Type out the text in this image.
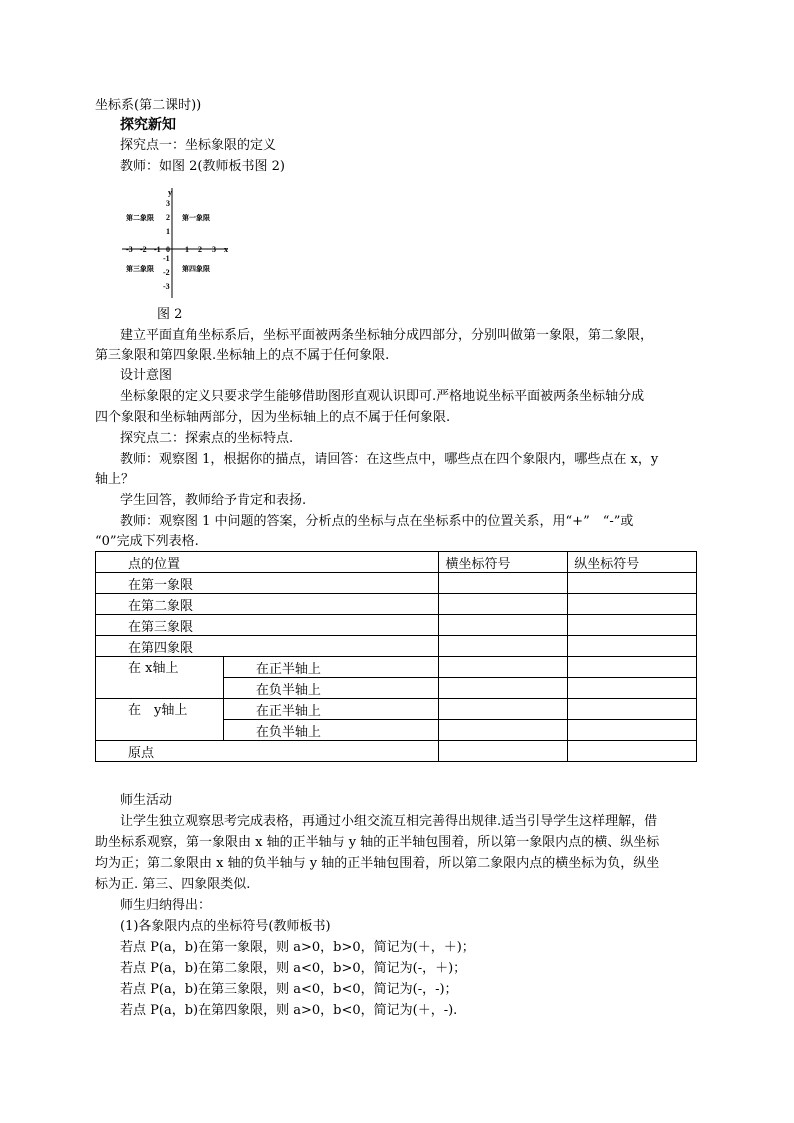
坐标系(第二课时))
探究新知
探究点一：坐标象限的定义
教师：如图 2(教师板书图 2)
y
x
3
2
1
-1
-2
-3
-3 -2 -1 0 1 2 3
第一象限
第二象限
第三象限	第四象限
图 2
建立平面直角坐标系后，坐标平面被两条坐标轴分成四部分，分别叫做第一象限，第二象限，
第三象限和第四象限.坐标轴上的点不属于任何象限.
设计意图
坐标象限的定义只要求学生能够借助图形直观认识即可.严格地说坐标平面被两条坐标轴分成
四个象限和坐标轴两部分，因为坐标轴上的点不属于任何象限.
探究点二：探索点的坐标特点.
教师：观察图 1，根据你的描点，请回答：在这些点中，哪些点在四个象限内，哪些点在 x，y
轴上？
学生回答，教师给予肯定和表扬.
教师：观察图 1 中问题的答案，分析点的坐标与点在坐标系中的位置关系，用“+”　“-”或
“0”完成下列表格.
点的位置		横坐标符号	纵坐标符号
在第一象限			
在第二象限			
在第三象限			
在第四象限			
在 x轴上	在正半轴上		
	在负半轴上		
在　y轴上	在正半轴上		
	在负半轴上		
原点			
师生活动
让学生独立观察思考完成表格，再通过小组交流互相完善得出规律.适当引导学生这样理解，借
助坐标系观察，第一象限由 x 轴的正半轴与 y 轴的正半轴包围着，所以第一象限内点的横、纵坐标
均为正；第二象限由 x 轴的负半轴与 y 轴的正半轴包围着，所以第二象限内点的横坐标为负，纵坐
标为正. 第三、四象限类似.
师生归纳得出：
(1)各象限内点的坐标符号(教师板书)
若点 P(a，b)在第一象限，则 a>0，b>0，简记为(＋，＋)；
若点 P(a，b)在第二象限，则 a<0，b>0，简记为(-，＋)；
若点 P(a，b)在第三象限，则 a<0，b<0，简记为(-，-)；
若点 P(a，b)在第四象限，则 a>0，b<0，简记为(＋，-).
